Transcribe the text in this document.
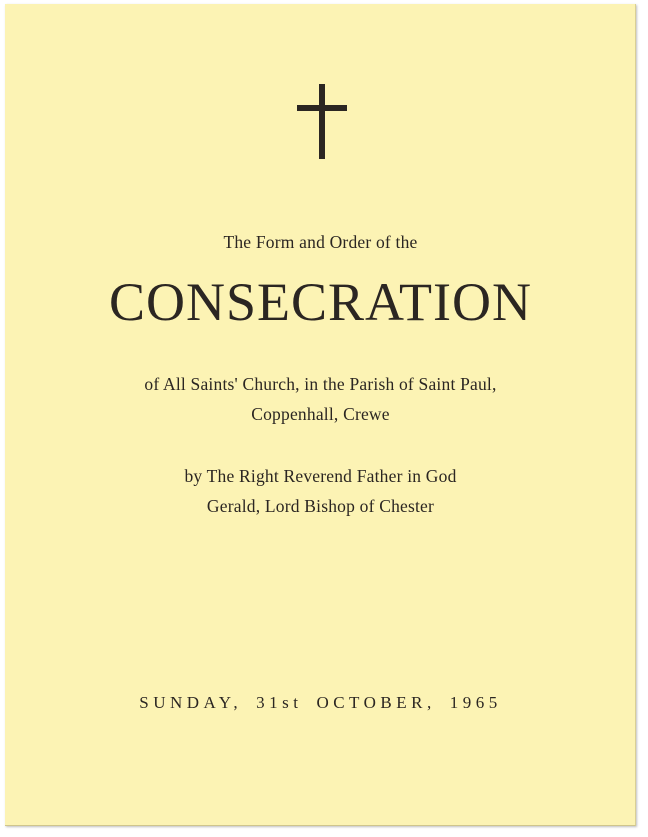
The Form and Order of the
CONSECRATION
of All Saints' Church, in the Parish of Saint Paul,
Coppenhall, Crewe
by The Right Reverend Father in God
Gerald, Lord Bishop of Chester
SUNDAY, 31st OCTOBER, 1965
